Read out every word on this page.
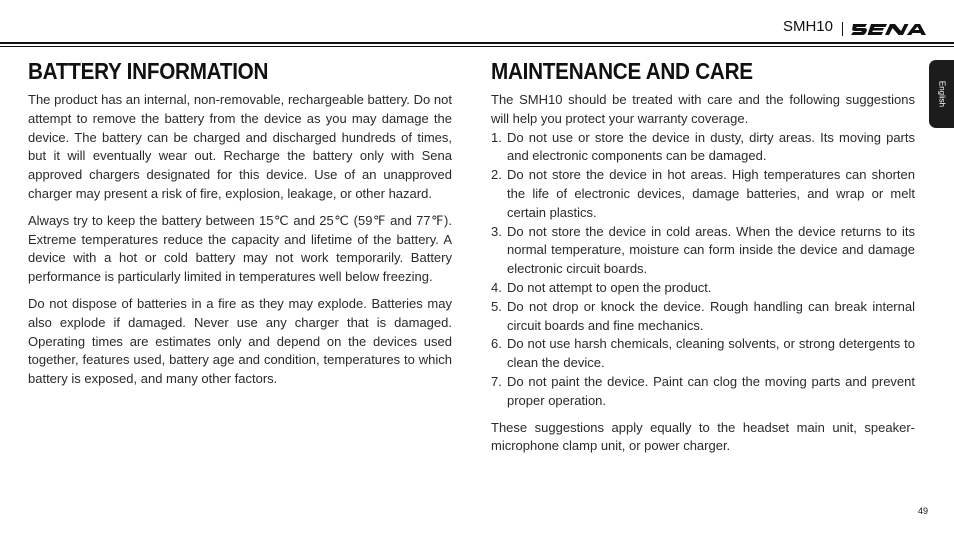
SMH10
English
BATTERY INFORMATION

The product has an internal, non-removable, rechargeable battery. Do not attempt to remove the battery from the device as you may damage the device. The battery can be charged and discharged hundreds of times, but it will eventually wear out. Recharge the battery only with Sena approved chargers designated for this device. Use of an unapproved charger may present a risk of fire, explosion, leakage, or other hazard.

Always try to keep the battery between 15℃ and 25℃ (59℉ and 77℉). Extreme temperatures reduce the capacity and lifetime of the battery. A device with a hot or cold battery may not work temporarily. Battery performance is particularly limited in temperatures well below freezing.

Do not dispose of batteries in a fire as they may explode. Batteries may also explode if damaged. Never use any charger that is damaged. Operating times are estimates only and depend on the devices used together, features used, battery age and condition, temperatures to which battery is exposed, and many other factors.

MAINTENANCE AND CARE

The SMH10 should be treated with care and the following suggestions will help you protect your warranty coverage.

1. Do not use or store the device in dusty, dirty areas. Its moving parts and electronic components can be damaged.
2. Do not store the device in hot areas. High temperatures can shorten the life of electronic devices, damage batteries, and wrap or melt certain plastics.
3. Do not store the device in cold areas. When the device returns to its normal temperature, moisture can form inside the device and damage electronic circuit boards.
4. Do not attempt to open the product.
5. Do not drop or knock the device. Rough handling can break internal circuit boards and fine mechanics.
6. Do not use harsh chemicals, cleaning solvents, or strong detergents to clean the device.
7. Do not paint the device. Paint can clog the moving parts and prevent proper operation.

These suggestions apply equally to the headset main unit, speaker-microphone clamp unit, or power charger.

49
